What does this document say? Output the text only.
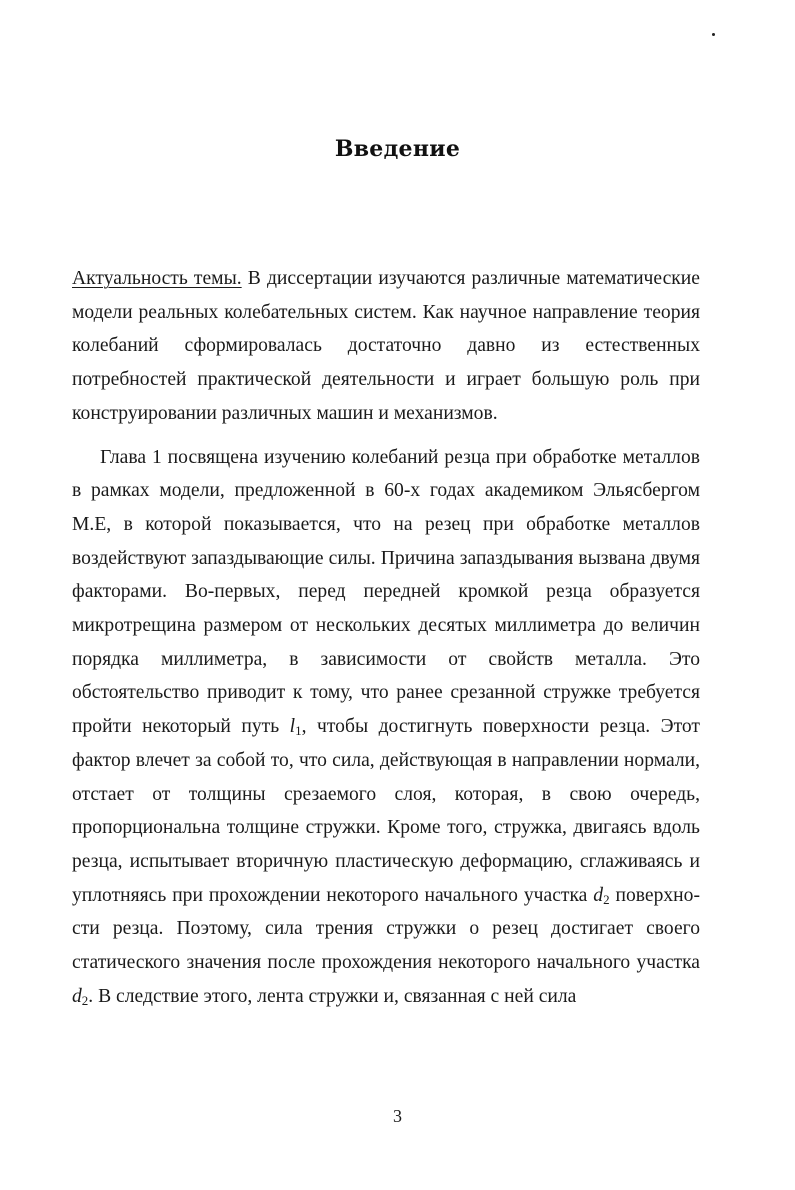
Введение

Актуальность темы. В диссертации изучаются различные математические модели реальных колебательных систем. Как научное направление теория колебаний сформировалась достаточно давно из естественных потребностей практической деятельности и играет большую роль при конструировании различных машин и механизмов.

Глава 1 посвящена изучению колебаний резца при обработке металлов в рамках модели, предложенной в 60-х годах академиком Эльясбергом М.Е, в которой показывается, что на резец при обработке металлов воздействуют запаздывающие силы. Причина запаздывания вызвана двумя факторами. Во-первых, перед передней кромкой резца образуется микротрещина размером от нескольких десятых миллиметра до величин порядка миллиметра, в зависимости от свойств металла. Это обстоятельство приводит к тому, что ранее срезанной стружке требуется пройти некоторый путь $l_1$, чтобы достигнуть поверхности резца. Этот фактор влечет за собой то, что сила, действующая в направлении нормали, отстает от толщины срезаемого слоя, которая, в свою очередь, пропорциональна толщине стружки. Кроме того, стружка, двигаясь вдоль резца, испытывает вторичную пластическую деформацию, сглаживаясь и уплотняясь при прохождении некоторого начального участка $d_2$ поверхности резца. Поэтому, сила трения стружки о резец достигает своего статического значения после прохождения некоторого начального участка $d_2$. В следствие этого, лента стружки и, связанная с ней сила

3
